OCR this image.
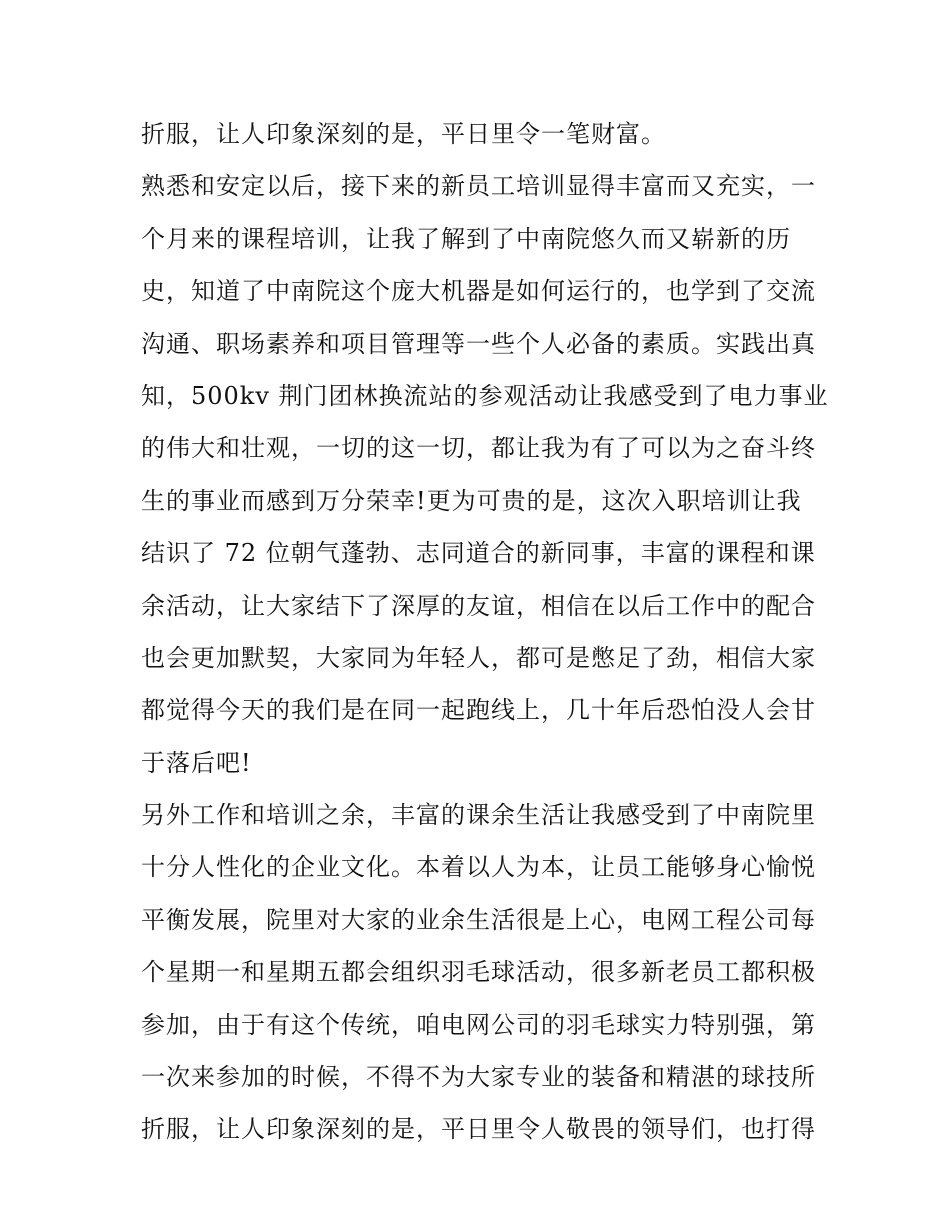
折服，让人印象深刻的是，平日里令一笔财富。
熟悉和安定以后，接下来的新员工培训显得丰富而又充实，一
个月来的课程培训，让我了解到了中南院悠久而又崭新的历
史，知道了中南院这个庞大机器是如何运行的，也学到了交流
沟通、职场素养和项目管理等一些个人必备的素质。实践出真
知，500kv 荆门团林换流站的参观活动让我感受到了电力事业
的伟大和壮观，一切的这一切，都让我为有了可以为之奋斗终
生的事业而感到万分荣幸!更为可贵的是，这次入职培训让我
结识了 72 位朝气蓬勃、志同道合的新同事，丰富的课程和课
余活动，让大家结下了深厚的友谊，相信在以后工作中的配合
也会更加默契，大家同为年轻人，都可是憋足了劲，相信大家
都觉得今天的我们是在同一起跑线上，几十年后恐怕没人会甘
于落后吧!
另外工作和培训之余，丰富的课余生活让我感受到了中南院里
十分人性化的企业文化。本着以人为本，让员工能够身心愉悦
平衡发展，院里对大家的业余生活很是上心，电网工程公司每
个星期一和星期五都会组织羽毛球活动，很多新老员工都积极
参加，由于有这个传统，咱电网公司的羽毛球实力特别强，第
一次来参加的时候，不得不为大家专业的装备和精湛的球技所
折服，让人印象深刻的是，平日里令人敬畏的领导们，也打得
